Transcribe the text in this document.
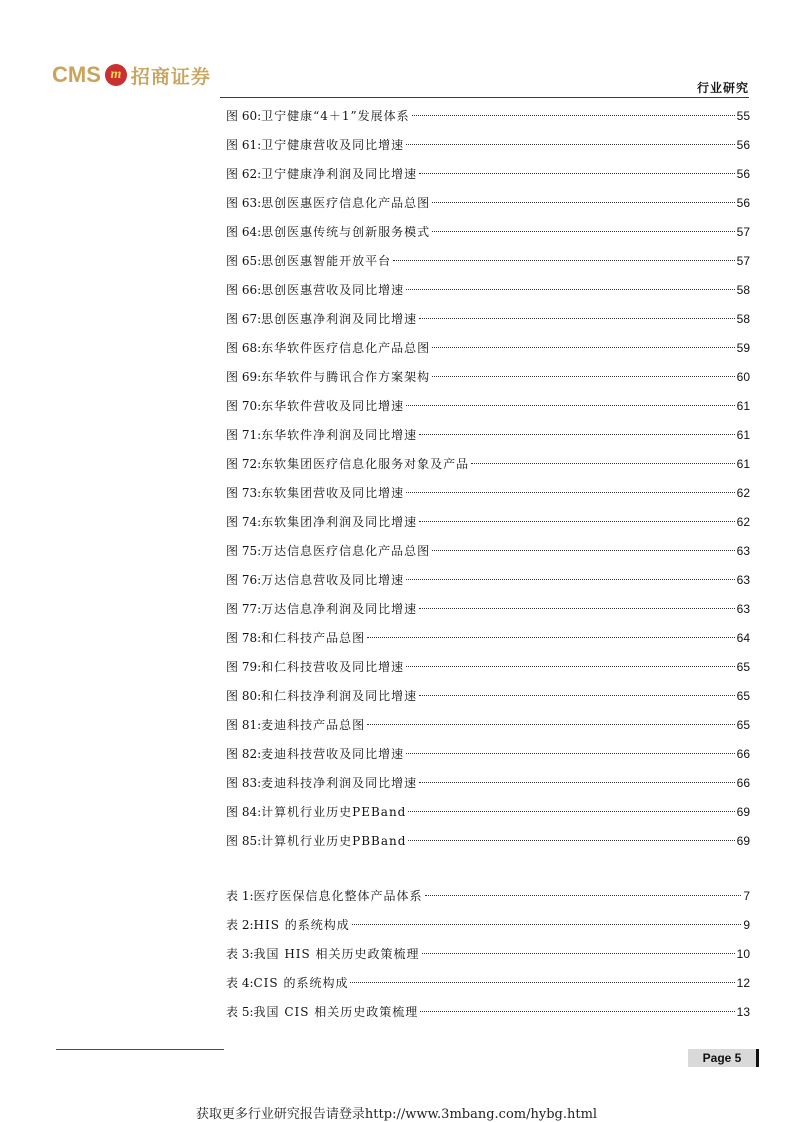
CMS m 招商证券
行业研究
图 60: 卫宁健康“4＋1”发展体系	55
图 61: 卫宁健康营收及同比增速	56
图 62: 卫宁健康净利润及同比增速	56
图 63: 思创医惠医疗信息化产品总图	56
图 64: 思创医惠传统与创新服务模式	57
图 65: 思创医惠智能开放平台	57
图 66: 思创医惠营收及同比增速	58
图 67: 思创医惠净利润及同比增速	58
图 68: 东华软件医疗信息化产品总图	59
图 69: 东华软件与腾讯合作方案架构	60
图 70: 东华软件营收及同比增速	61
图 71: 东华软件净利润及同比增速	61
图 72: 东软集团医疗信息化服务对象及产品	61
图 73: 东软集团营收及同比增速	62
图 74: 东软集团净利润及同比增速	62
图 75: 万达信息医疗信息化产品总图	63
图 76: 万达信息营收及同比增速	63
图 77: 万达信息净利润及同比增速	63
图 78: 和仁科技产品总图	64
图 79: 和仁科技营收及同比增速	65
图 80: 和仁科技净利润及同比增速	65
图 81: 麦迪科技产品总图	65
图 82: 麦迪科技营收及同比增速	66
图 83: 麦迪科技净利润及同比增速	66
图 84: 计算机行业历史PEBand	69
图 85: 计算机行业历史PBBand	69
表 1: 医疗医保信息化整体产品体系	7
表 2: HIS 的系统构成	9
表 3: 我国 HIS 相关历史政策梳理	10
表 4: CIS 的系统构成	12
表 5: 我国 CIS 相关历史政策梳理	13
Page 5
获取更多行业研究报告请登录http://www.3mbang.com/hybg.html
